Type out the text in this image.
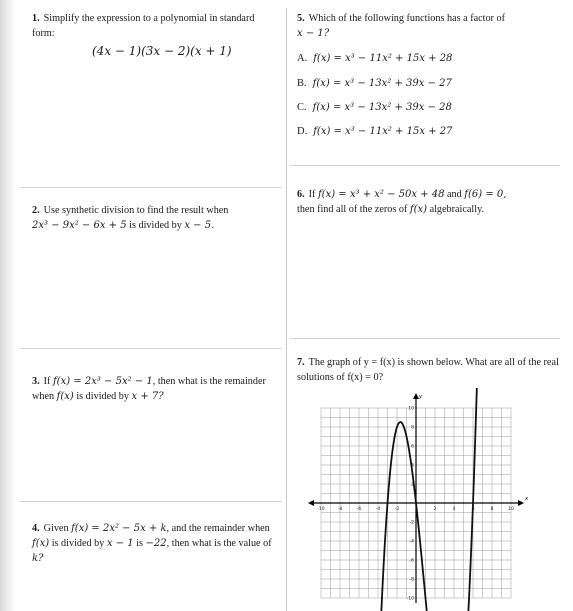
1. Simplify the expression to a polynomial in standard form:
(4x − 1)(3x − 2)(x + 1)
2. Use synthetic division to find the result when
2x³ − 9x² − 6x + 5 is divided by x − 5.
3. If f(x) = 2x³ − 5x² − 1, then what is the remainder when f(x) is divided by x + 7?
4. Given f(x) = 2x² − 5x + k, and the remainder when f(x) is divided by x − 1 is −22, then what is the value of k?
5. Which of the following functions has a factor of
x − 1?
A. f(x) = x³ − 11x² + 15x + 28
B. f(x) = x³ − 13x² + 39x − 27
C. f(x) = x³ − 13x² + 39x − 28
D. f(x) = x³ − 11x² + 15x + 27
6. If f(x) = x³ + x² − 50x + 48 and f(6) = 0,
then find all of the zeros of f(x) algebraically.
7. The graph of y = f(x) is shown below. What are all of the real solutions of f(x) = 0?
-10	-8	-6	-4	-2	2	4	6	8	10
10
8
6
4
2
-2
-4
-6
-8
-10
x
y
